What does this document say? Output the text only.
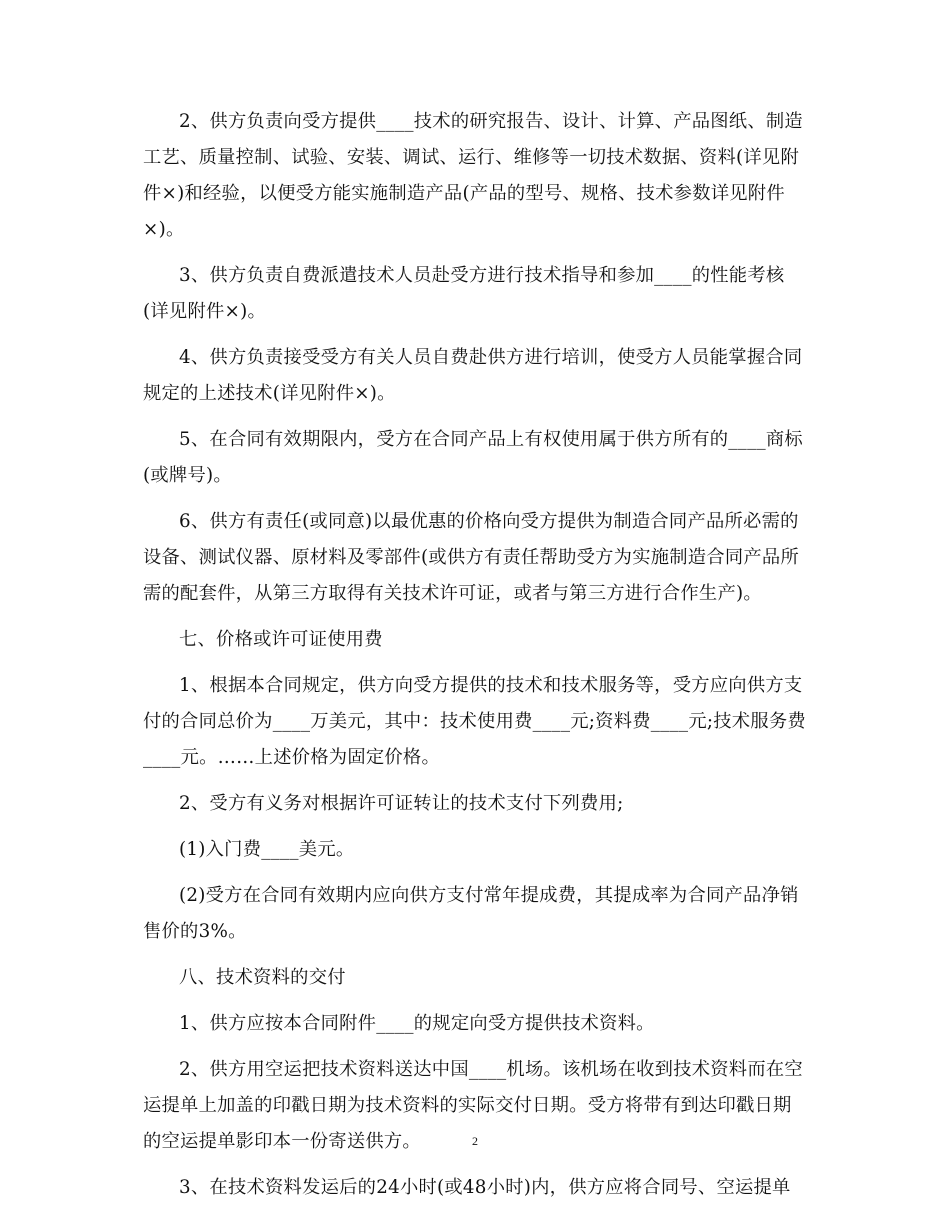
2、供方负责向受方提供____技术的研究报告、设计、计算、产品图纸、制造工艺、质量控制、试验、安装、调试、运行、维修等一切技术数据、资料(详见附件×)和经验，以便受方能实施制造产品(产品的型号、规格、技术参数详见附件×)。

3、供方负责自费派遣技术人员赴受方进行技术指导和参加____的性能考核(详见附件×)。

4、供方负责接受受方有关人员自费赴供方进行培训，使受方人员能掌握合同规定的上述技术(详见附件×)。

5、在合同有效期限内，受方在合同产品上有权使用属于供方所有的____商标(或牌号)。

6、供方有责任(或同意)以最优惠的价格向受方提供为制造合同产品所必需的设备、测试仪器、原材料及零部件(或供方有责任帮助受方为实施制造合同产品所需的配套件，从第三方取得有关技术许可证，或者与第三方进行合作生产)。

七、价格或许可证使用费

1、根据本合同规定，供方向受方提供的技术和技术服务等，受方应向供方支付的合同总价为____万美元，其中：技术使用费____元;资料费____元;技术服务费____元。……上述价格为固定价格。

2、受方有义务对根据许可证转让的技术支付下列费用;

(1)入门费____美元。

(2)受方在合同有效期内应向供方支付常年提成费，其提成率为合同产品净销售价的3%。

八、技术资料的交付

1、供方应按本合同附件____的规定向受方提供技术资料。

2、供方用空运把技术资料送达中国____机场。该机场在收到技术资料而在空运提单上加盖的印戳日期为技术资料的实际交付日期。受方将带有到达印戳日期的空运提单影印本一份寄送供方。

3、在技术资料发运后的24小时(或48小时)内，供方应将合同号、空运提单

2
